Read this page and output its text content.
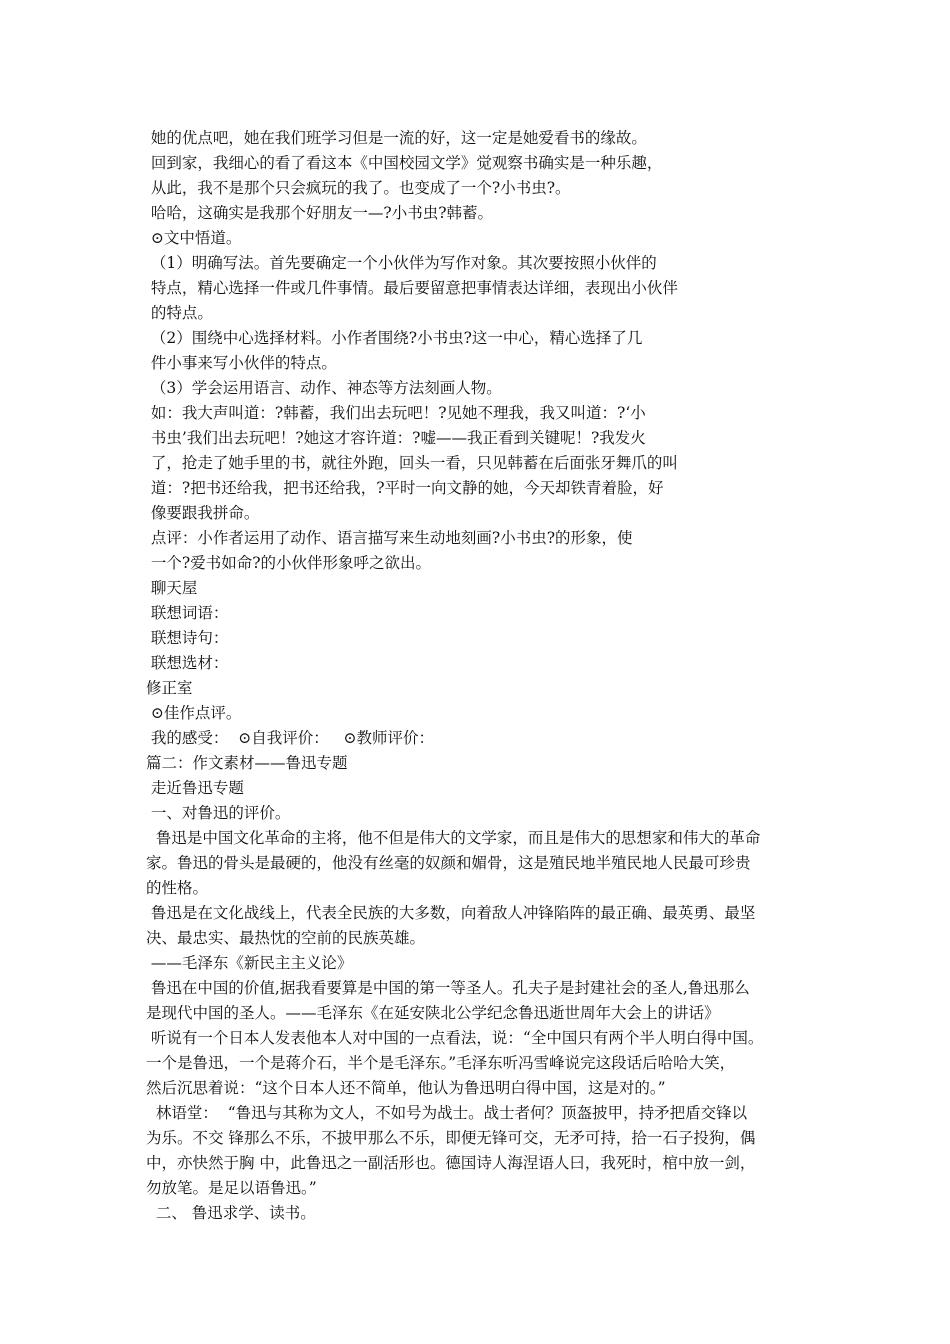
她的优点吧，她在我们班学习但是一流的好，这一定是她爱看书的缘故。

回到家，我细心的看了看这本《中国校园文学》觉观察书确实是一种乐趣，

从此，我不是那个只会疯玩的我了。也变成了一个?小书虫?。

哈哈，这确实是我那个好朋友一—?小书虫?韩蓄。

⊙文中悟道。

（1）明确写法。首先要确定一个小伙伴为写作对象。其次要按照小伙伴的

特点，精心选择一件或几件事情。最后要留意把事情表达详细，表现出小伙伴

的特点。

（2）围绕中心选择材料。小作者围绕?小书虫?这一中心，精心选择了几

件小事来写小伙伴的特点。

（3）学会运用语言、动作、神态等方法刻画人物。

如：我大声叫道：?韩蓄，我们出去玩吧！?见她不理我，我又叫道：?‘小

书虫’我们出去玩吧！?她这才容许道：?嘘——我正看到关键呢！?我发火

了，抢走了她手里的书，就往外跑，回头一看，只见韩蓄在后面张牙舞爪的叫

道：?把书还给我，把书还给我，?平时一向文静的她，今天却铁青着脸，好

像要跟我拼命。

点评：小作者运用了动作、语言描写来生动地刻画?小书虫?的形象，使

一个?爱书如命?的小伙伴形象呼之欲出。

聊天屋

联想词语：

联想诗句：

联想选材：

修正室

⊙佳作点评。

我的感受：  ⊙自我评价：   ⊙教师评价：

篇二：作文素材——鲁迅专题

走近鲁迅专题

一、对鲁迅的评价。

鲁迅是中国文化革命的主将，他不但是伟大的文学家，而且是伟大的思想家和伟大的革命

家。鲁迅的骨头是最硬的，他没有丝毫的奴颜和媚骨，这是殖民地半殖民地人民最可珍贵

的性格。

鲁迅是在文化战线上，代表全民族的大多数，向着敌人冲锋陷阵的最正确、最英勇、最坚

决、最忠实、最热忱的空前的民族英雄。

——毛泽东《新民主主义论》

鲁迅在中国的价值,据我看要算是中国的第一等圣人。孔夫子是封建社会的圣人,鲁迅那么

是现代中国的圣人。——毛泽东《在延安陕北公学纪念鲁迅逝世周年大会上的讲话》

听说有一个日本人发表他本人对中国的一点看法，说：“全中国只有两个半人明白得中国。

一个是鲁迅，一个是蒋介石，半个是毛泽东。”毛泽东听冯雪峰说完这段话后哈哈大笑，

然后沉思着说：“这个日本人还不简单，他认为鲁迅明白得中国，这是对的。”

林语堂：  “鲁迅与其称为文人，不如号为战士。战士者何？顶盔披甲，持矛把盾交锋以

为乐。不交 锋那么不乐，不披甲那么不乐，即便无锋可交，无矛可持，拾一石子投狗，偶

中，亦快然于胸 中，此鲁迅之一副活形也。德国诗人海涅语人曰，我死时，棺中放一剑，

勿放笔。是足以语鲁迅。”

二、 鲁迅求学、读书。
